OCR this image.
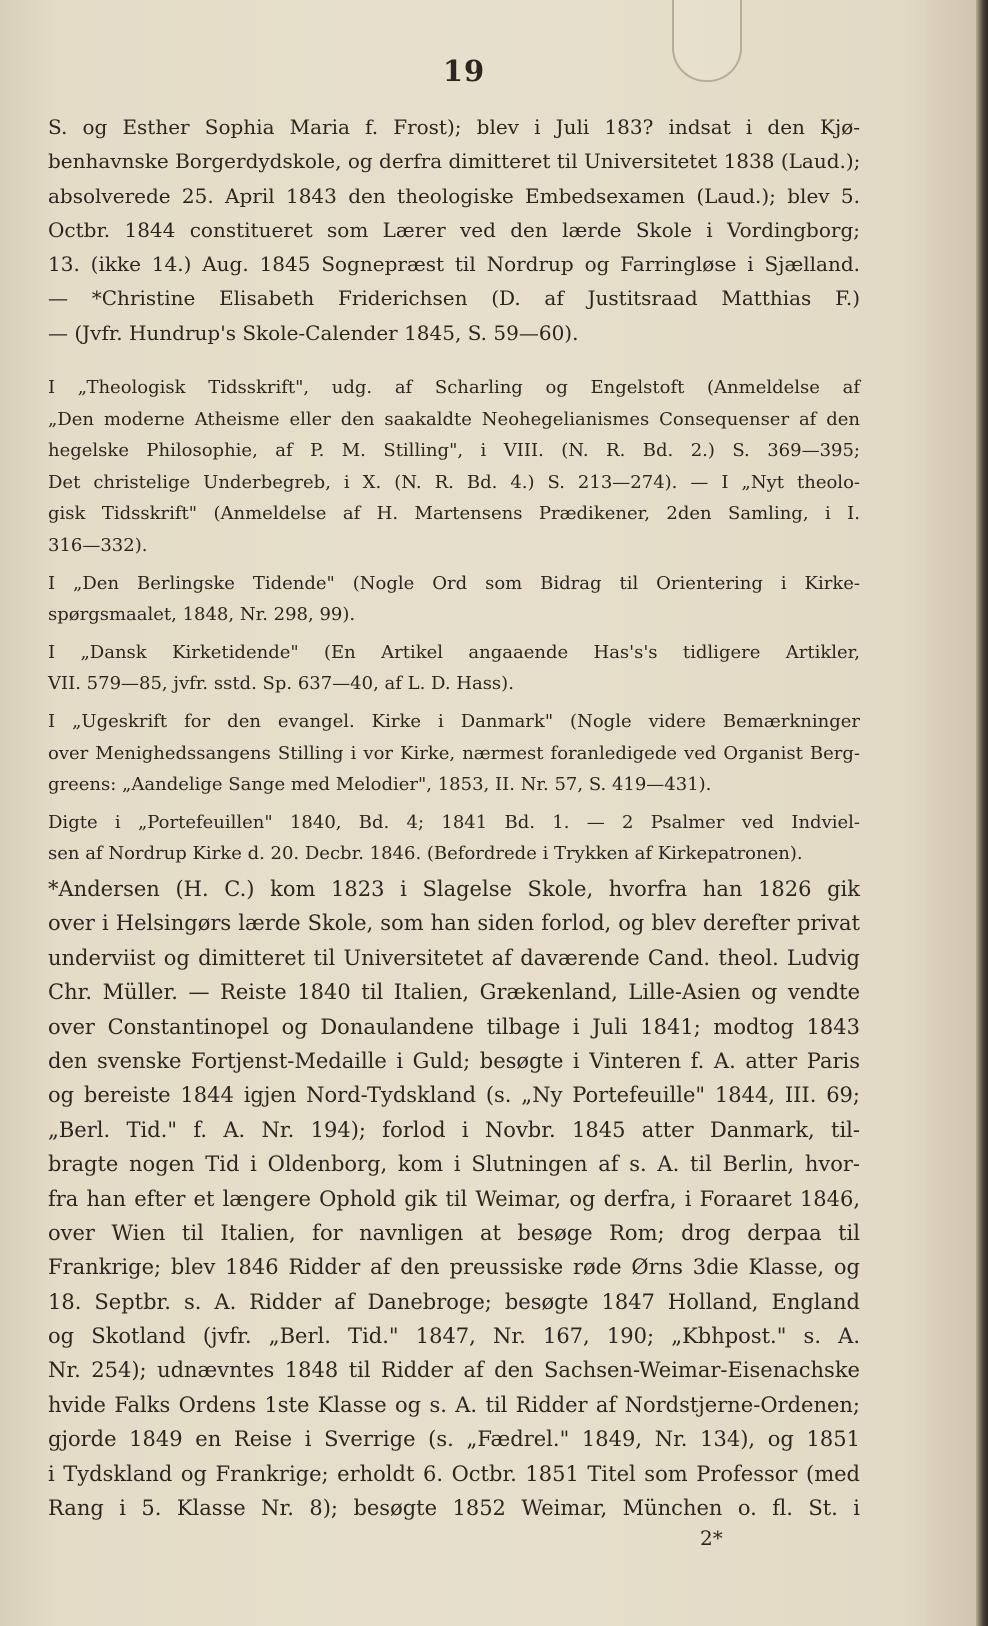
19
S. og Esther Sophia Maria f. Frost); blev i Juli 183? indsat i den Kjø-
benhavnske Borgerdydskole, og derfra dimitteret til Universitetet 1838 (Laud.);
absolverede 25. April 1843 den theologiske Embedsexamen (Laud.); blev 5.
Octbr. 1844 constitueret som Lærer ved den lærde Skole i Vordingborg;
13. (ikke 14.) Aug. 1845 Sognepræst til Nordrup og Farringløse i Sjælland.
— *Christine Elisabeth Friderichsen (D. af Justitsraad Matthias F.)
— (Jvfr. Hundrup's Skole-Calender 1845, S. 59—60).
I „Theologisk Tidsskrift", udg. af Scharling og Engelstoft (Anmeldelse af
„Den moderne Atheisme eller den saakaldte Neohegelianismes Consequenser af den
hegelske Philosophie, af P. M. Stilling", i VIII. (N. R. Bd. 2.) S. 369—395;
Det christelige Underbegreb, i X. (N. R. Bd. 4.) S. 213—274). — I „Nyt theolo-
gisk Tidsskrift" (Anmeldelse af H. Martensens Prædikener, 2den Samling, i I.
316—332).
I „Den Berlingske Tidende" (Nogle Ord som Bidrag til Orientering i Kirke-
spørgsmaalet, 1848, Nr. 298, 99).
I „Dansk Kirketidende" (En Artikel angaaende Has's's tidligere Artikler,
VII. 579—85, jvfr. sstd. Sp. 637—40, af L. D. Hass).
I „Ugeskrift for den evangel. Kirke i Danmark" (Nogle videre Bemærkninger
over Menighedssangens Stilling i vor Kirke, nærmest foranledigede ved Organist Berg-
greens: „Aandelige Sange med Melodier", 1853, II. Nr. 57, S. 419—431).
Digte i „Portefeuillen" 1840, Bd. 4; 1841 Bd. 1. — 2 Psalmer ved Indviel-
sen af Nordrup Kirke d. 20. Decbr. 1846. (Befordrede i Trykken af Kirkepatronen).
*Andersen (H. C.) kom 1823 i Slagelse Skole, hvorfra han 1826 gik
over i Helsingørs lærde Skole, som han siden forlod, og blev derefter privat
underviist og dimitteret til Universitetet af daværende Cand. theol. Ludvig
Chr. Müller. — Reiste 1840 til Italien, Grækenland, Lille-Asien og vendte
over Constantinopel og Donaulandene tilbage i Juli 1841; modtog 1843
den svenske Fortjenst-Medaille i Guld; besøgte i Vinteren f. A. atter Paris
og bereiste 1844 igjen Nord-Tydskland (s. „Ny Portefeuille" 1844, III. 69;
„Berl. Tid." f. A. Nr. 194); forlod i Novbr. 1845 atter Danmark, til-
bragte nogen Tid i Oldenborg, kom i Slutningen af s. A. til Berlin, hvor-
fra han efter et længere Ophold gik til Weimar, og derfra, i Foraaret 1846,
over Wien til Italien, for navnligen at besøge Rom; drog derpaa til
Frankrige; blev 1846 Ridder af den preussiske røde Ørns 3die Klasse, og
18. Septbr. s. A. Ridder af Danebroge; besøgte 1847 Holland, England
og Skotland (jvfr. „Berl. Tid." 1847, Nr. 167, 190; „Kbhpost." s. A.
Nr. 254); udnævntes 1848 til Ridder af den Sachsen-Weimar-Eisenachske
hvide Falks Ordens 1ste Klasse og s. A. til Ridder af Nordstjerne-Ordenen;
gjorde 1849 en Reise i Sverrige (s. „Fædrel." 1849, Nr. 134), og 1851
i Tydskland og Frankrige; erholdt 6. Octbr. 1851 Titel som Professor (med
Rang i 5. Klasse Nr. 8); besøgte 1852 Weimar, München o. fl. St. i
2*
